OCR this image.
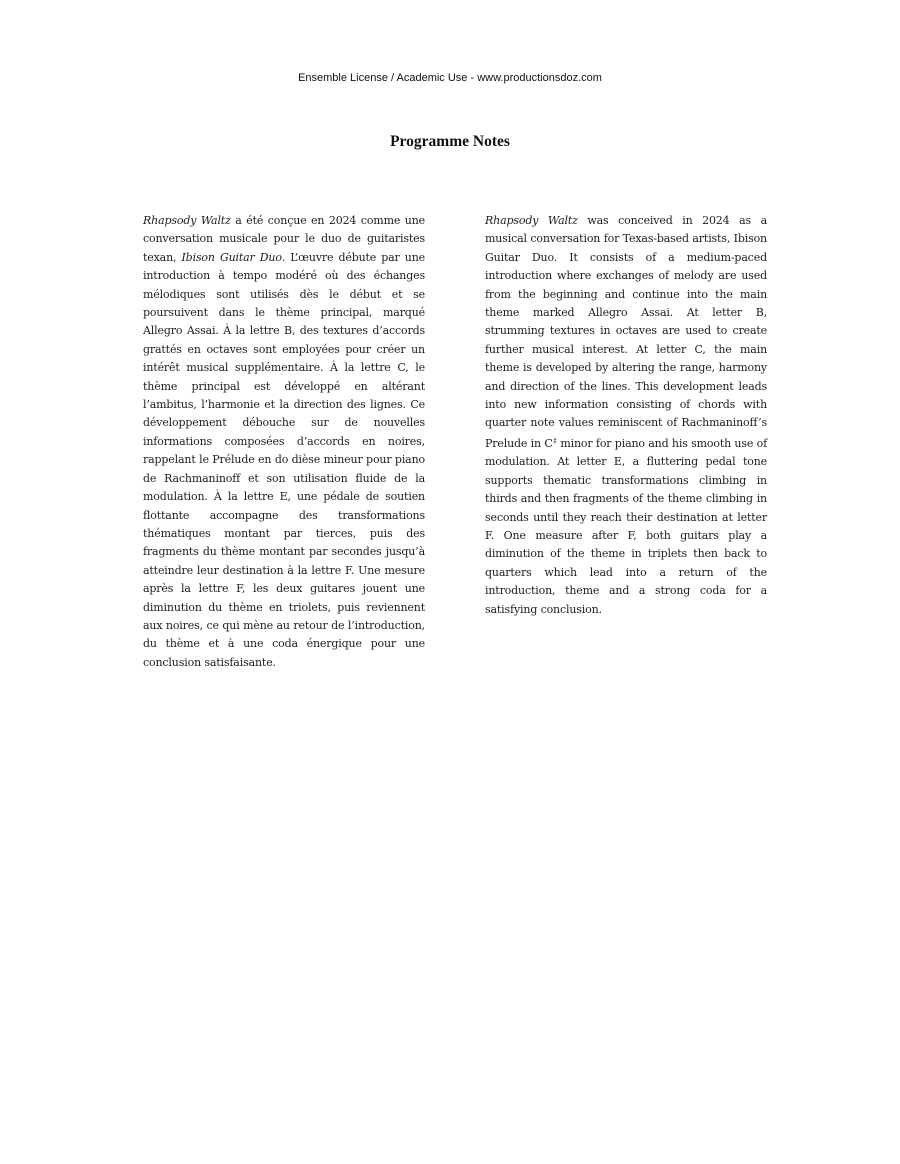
Ensemble License / Academic Use - www.productionsdoz.com
Programme Notes

Rhapsody Waltz a été conçue en 2024 comme une conversation musicale pour le duo de guitaristes texan, Ibison Guitar Duo. L’œuvre débute par une introduction à tempo modéré où des échanges mélodiques sont utilisés dès le début et se poursuivent dans le thème principal, marqué Allegro Assai. À la lettre B, des textures d’accords grattés en octaves sont employées pour créer un intérêt musical supplémentaire. À la lettre C, le thème principal est développé en altérant l’ambitus, l’harmonie et la direction des lignes. Ce développement débouche sur de nouvelles informations composées d’accords en noires, rappelant le Prélude en do dièse mineur pour piano de Rachmaninoff et son utilisation fluide de la modulation. À la lettre E, une pédale de soutien flottante accompagne des transformations thématiques montant par tierces, puis des fragments du thème montant par secondes jusqu’à atteindre leur destination à la lettre F. Une mesure après la lettre F, les deux guitares jouent une diminution du thème en triolets, puis reviennent aux noires, ce qui mène au retour de l’introduction, du thème et à une coda énergique pour une conclusion satisfaisante.

Rhapsody Waltz was conceived in 2024 as a musical conversation for Texas-based artists, Ibison Guitar Duo. It consists of a medium-paced introduction where exchanges of melody are used from the beginning and continue into the main theme marked Allegro Assai. At letter B, strumming textures in octaves are used to create further musical interest. At letter C, the main theme is developed by altering the range, harmony and direction of the lines. This development leads into new information consisting of chords with quarter note values reminiscent of Rachmaninoff’s Prelude in C♯ minor for piano and his smooth use of modulation. At letter E, a fluttering pedal tone supports thematic transformations climbing in thirds and then fragments of the theme climbing in seconds until they reach their destination at letter F. One measure after F, both guitars play a diminution of the theme in triplets then back to quarters which lead into a return of the introduction, theme and a strong coda for a satisfying conclusion.
